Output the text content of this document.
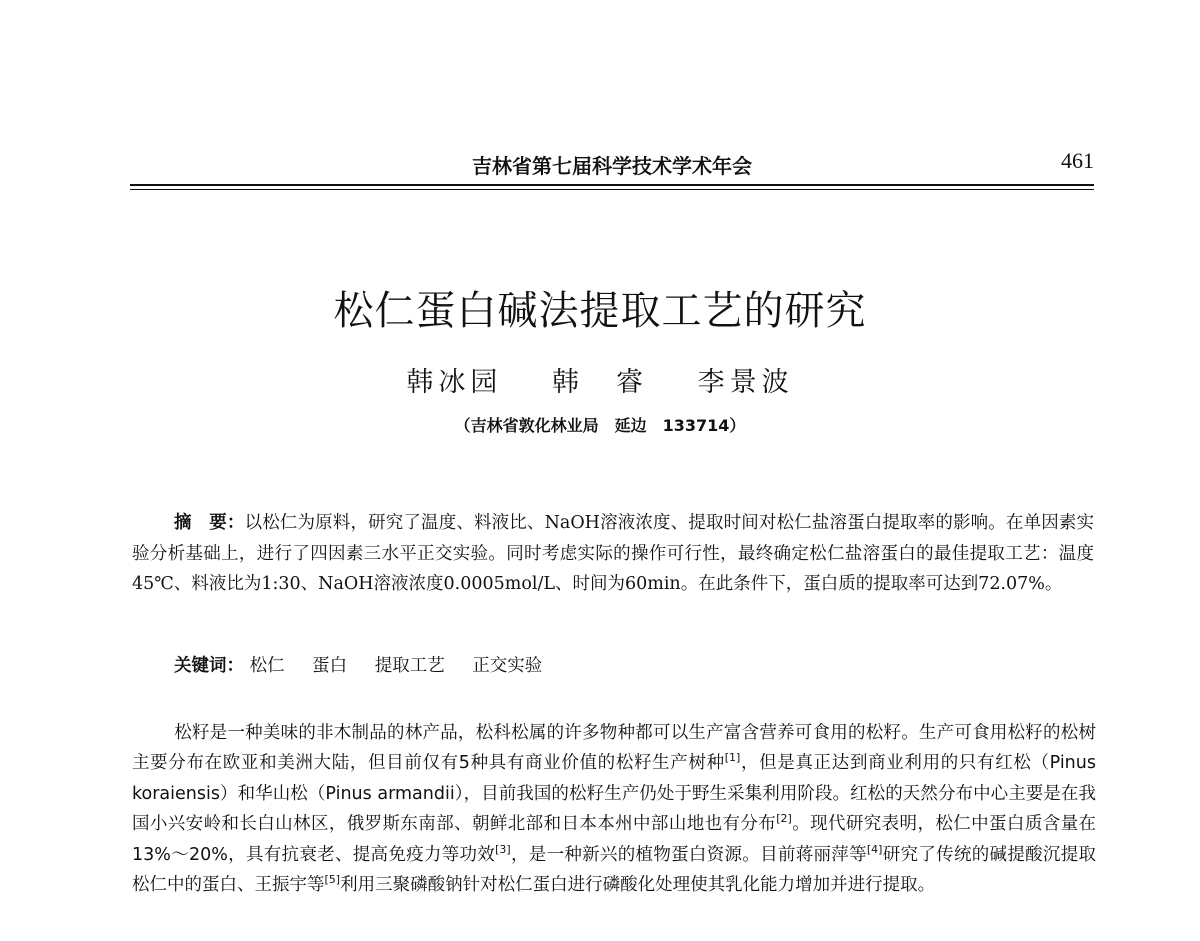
吉林省第七届科学技术学术年会	461
松仁蛋白碱法提取工艺的研究
韩冰园 韩　睿 李景波
（吉林省敦化林业局　延边　133714）
摘　要：以松仁为原料，研究了温度、料液比、NaOH溶液浓度、提取时间对松仁盐溶蛋白提取率的影响。在单因素实验分析基础上，进行了四因素三水平正交实验。同时考虑实际的操作可行性，最终确定松仁盐溶蛋白的最佳提取工艺：温度45℃、料液比为1:30、NaOH溶液浓度0.0005mol/L、时间为60min。在此条件下，蛋白质的提取率可达到72.07%。
关键词： 松仁 蛋白 提取工艺 正交实验
松籽是一种美味的非木制品的林产品，松科松属的许多物种都可以生产富含营养可食用的松籽。生产可食用松籽的松树主要分布在欧亚和美洲大陆，但目前仅有5种具有商业价值的松籽生产树种[1]，但是真正达到商业利用的只有红松（Pinus koraiensis）和华山松（Pinus armandii），目前我国的松籽生产仍处于野生采集利用阶段。红松的天然分布中心主要是在我国小兴安岭和长白山林区，俄罗斯东南部、朝鲜北部和日本本州中部山地也有分布[2]。现代研究表明，松仁中蛋白质含量在13%～20%，具有抗衰老、提高免疫力等功效[3]，是一种新兴的植物蛋白资源。目前蒋丽萍等[4]研究了传统的碱提酸沉提取松仁中的蛋白、王振宇等[5]利用三聚磷酸钠针对松仁蛋白进行磷酸化处理使其乳化能力增加并进行提取。
